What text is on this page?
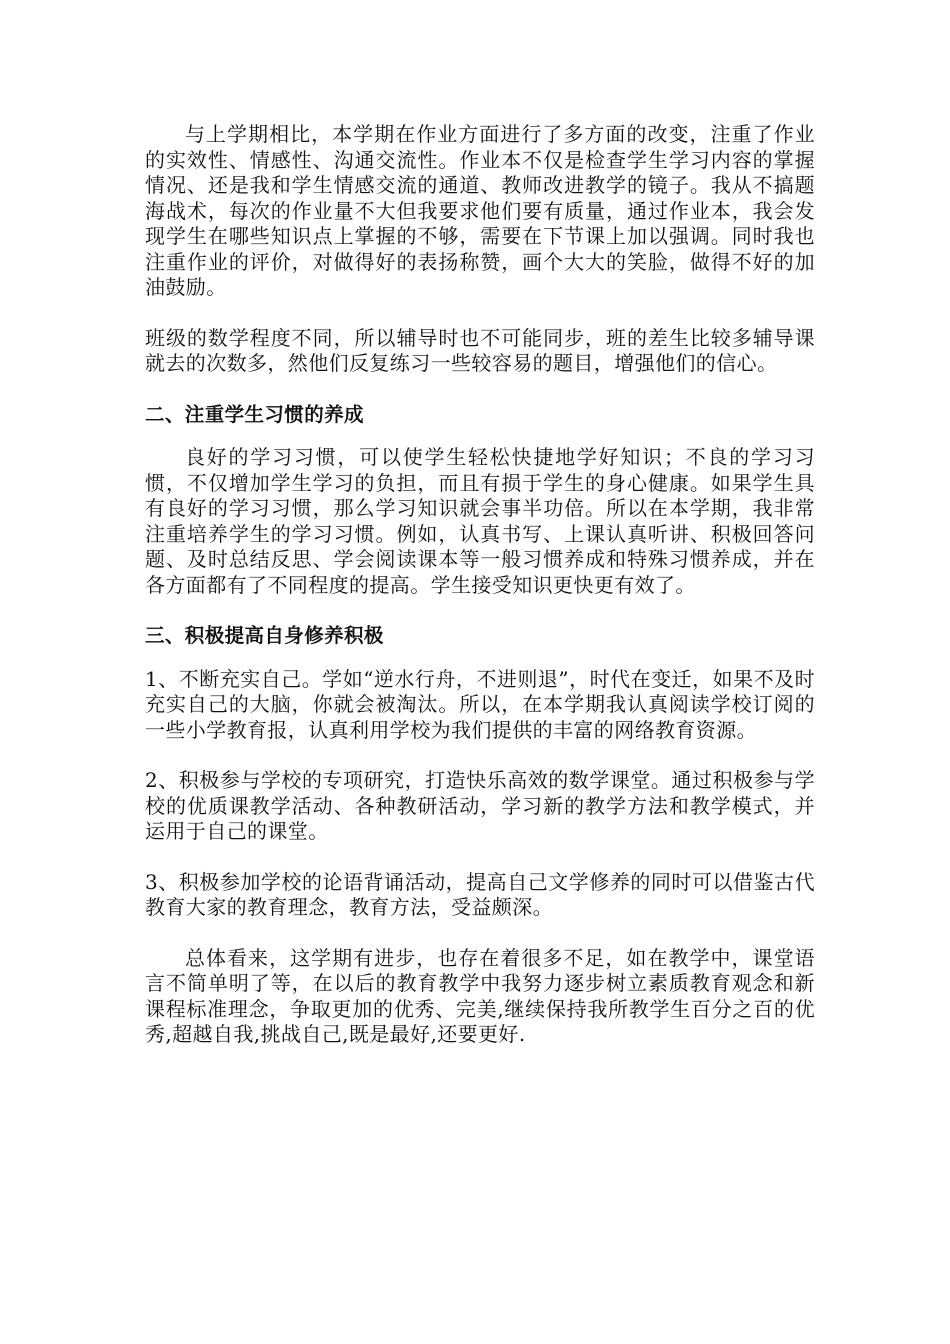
与上学期相比，本学期在作业方面进行了多方面的改变，注重了作业的实效性、情感性、沟通交流性。作业本不仅是检查学生学习内容的掌握情况、还是我和学生情感交流的通道、教师改进教学的镜子。我从不搞题海战术，每次的作业量不大但我要求他们要有质量，通过作业本，我会发现学生在哪些知识点上掌握的不够，需要在下节课上加以强调。同时我也注重作业的评价，对做得好的表扬称赞，画个大大的笑脸，做得不好的加油鼓励。

班级的数学程度不同，所以辅导时也不可能同步，班的差生比较多辅导课就去的次数多，然他们反复练习一些较容易的题目，增强他们的信心。

二、注重学生习惯的养成

良好的学习习惯，可以使学生轻松快捷地学好知识；不良的学习习惯，不仅增加学生学习的负担，而且有损于学生的身心健康。如果学生具有良好的学习习惯，那么学习知识就会事半功倍。所以在本学期，我非常注重培养学生的学习习惯。例如，认真书写、上课认真听讲、积极回答问题、及时总结反思、学会阅读课本等一般习惯养成和特殊习惯养成，并在各方面都有了不同程度的提高。学生接受知识更快更有效了。

三、积极提高自身修养积极

1、不断充实自己。学如“逆水行舟，不进则退”，时代在变迁，如果不及时充实自己的大脑，你就会被淘汰。所以，在本学期我认真阅读学校订阅的一些小学教育报，认真利用学校为我们提供的丰富的网络教育资源。

2、积极参与学校的专项研究，打造快乐高效的数学课堂。通过积极参与学校的优质课教学活动、各种教研活动，学习新的教学方法和教学模式，并运用于自己的课堂。

3、积极参加学校的论语背诵活动，提高自己文学修养的同时可以借鉴古代教育大家的教育理念，教育方法，受益颇深。

总体看来，这学期有进步，也存在着很多不足，如在教学中，课堂语言不简单明了等，在以后的教育教学中我努力逐步树立素质教育观念和新课程标准理念，争取更加的优秀、完美,继续保持我所教学生百分之百的优秀,超越自我,挑战自己,既是最好,还要更好.
